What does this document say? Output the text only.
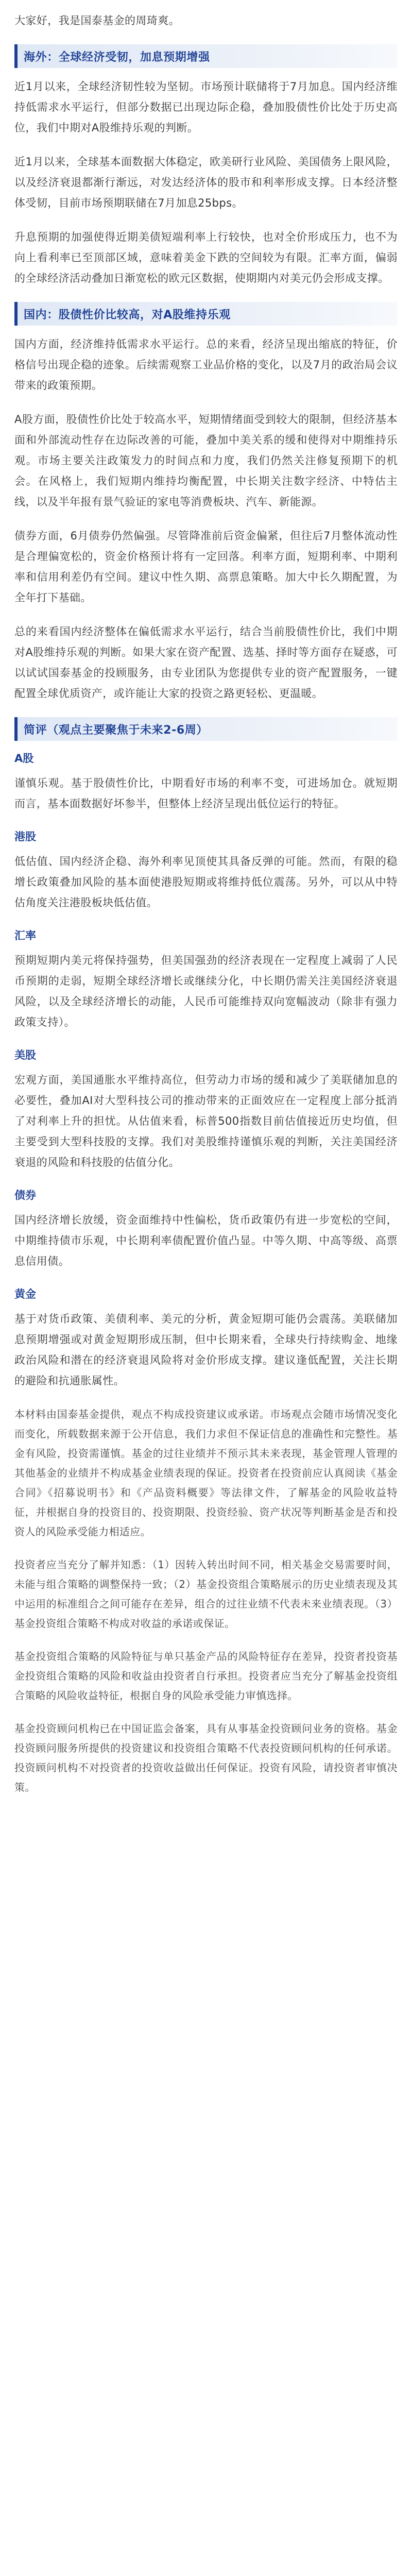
大家好，我是国泰基金的周琦爽。

海外：全球经济受韧，加息预期增强

近1月以来，全球经济韧性较为坚韧。市场预计联储将于7月加息。国内经济维持低需求水平运行，但部分数据已出现边际企稳，叠加股债性价比处于历史高位，我们中期对A股维持乐观的判断。

近1月以来，全球基本面数据大体稳定，欧美研行业风险、美国债务上限风险，以及经济衰退都渐行渐远，对发达经济体的股市和利率形成支撑。日本经济整体受韧，目前市场预期联储在7月加息25bps。

升息预期的加强使得近期美债短端利率上行较快，也对全价形成压力，也不为向上看利率已至顶部区域，意味着美金下跌的空间较为有限。汇率方面，偏弱的全球经济活动叠加日渐宽松的欧元区数据，使期期内对美元仍会形成支撑。

国内：股债性价比较高，对A股维持乐观

国内方面，经济维持低需求水平运行。总的来看，经济呈现出缩底的特征，价格信号出现企稳的迹象。后续需观察工业品价格的变化，以及7月的政治局会议带来的政策预期。

A股方面，股债性价比处于较高水平，短期情绪面受到较大的限制，但经济基本面和外部流动性存在边际改善的可能，叠加中美关系的缓和使得对中期维持乐观。市场主要关注政策发力的时间点和力度，我们仍然关注修复预期下的机会。在风格上，我们短期内维持均衡配置，中长期关注数字经济、中特估主线，以及半年报有景气验证的家电等消费板块、汽车、新能源。

债券方面，6月债券仍然偏强。尽管降准前后资金偏紧，但往后7月整体流动性是合理偏宽松的，资金价格预计将有一定回落。利率方面，短期利率、中期利率和信用利差仍有空间。建议中性久期、高票息策略。加大中长久期配置，为全年打下基础。

总的来看国内经济整体在偏低需求水平运行，结合当前股债性价比，我们中期对A股维持乐观的判断。如果大家在资产配置、选基、择时等方面存在疑惑，可以试试国泰基金的投顾服务，由专业团队为您提供专业的资产配置服务，一键配置全球优质资产，或许能让大家的投资之路更轻松、更温暖。

简评（观点主要聚焦于未来2-6周）
A股

谨慎乐观。基于股债性价比，中期看好市场的利率不变，可进场加仓。就短期而言，基本面数据好坏参半，但整体上经济呈现出低位运行的特征。

港股

低估值、国内经济企稳、海外利率见顶使其具备反弹的可能。然而，有限的稳增长政策叠加风险的基本面使港股短期或将维持低位震荡。另外，可以从中特估角度关注港股板块低估值。

汇率

预期短期内美元将保持强势，但美国强劲的经济表现在一定程度上减弱了人民币预期的走弱，短期全球经济增长或继续分化，中长期仍需关注美国经济衰退风险，以及全球经济增长的动能，人民币可能维持双向宽幅波动（除非有强力政策支持）。

美股

宏观方面，美国通胀水平维持高位，但劳动力市场的缓和减少了美联储加息的必要性，叠加AI对大型科技公司的推动带来的正面效应在一定程度上部分抵消了对利率上升的担忧。从估值来看，标普500指数目前估值接近历史均值，但主要受到大型科技股的支撑。我们对美股维持谨慎乐观的判断，关注美国经济衰退的风险和科技股的估值分化。

债券

国内经济增长放缓，资金面维持中性偏松，货币政策仍有进一步宽松的空间，中期维持债市乐观，中长期利率债配置价值凸显。中等久期、中高等级、高票息信用债。

黄金

基于对货币政策、美债利率、美元的分析，黄金短期可能仍会震荡。美联储加息预期增强或对黄金短期形成压制，但中长期来看，全球央行持续购金、地缘政治风险和潜在的经济衰退风险将对金价形成支撑。建议逢低配置，关注长期的避险和抗通胀属性。

本材料由国泰基金提供，观点不构成投资建议或承诺。市场观点会随市场情况变化而变化，所载数据来源于公开信息，我们力求但不保证信息的准确性和完整性。基金有风险，投资需谨慎。基金的过往业绩并不预示其未来表现，基金管理人管理的其他基金的业绩并不构成基金业绩表现的保证。投资者在投资前应认真阅读《基金合同》《招募说明书》和《产品资料概要》等法律文件，了解基金的风险收益特征，并根据自身的投资目的、投资期限、投资经验、资产状况等判断基金是否和投资人的风险承受能力相适应。

投资者应当充分了解并知悉：（1）因转入转出时间不同，相关基金交易需要时间，未能与组合策略的调整保持一致；（2）基金投资组合策略展示的历史业绩表现及其中运用的标准组合之间可能存在差异，组合的过往业绩不代表未来业绩表现。（3）基金投资组合策略不构成对收益的承诺或保证。

基金投资组合策略的风险特征与单只基金产品的风险特征存在差异，投资者投资基金投资组合策略的风险和收益由投资者自行承担。投资者应当充分了解基金投资组合策略的风险收益特征，根据自身的风险承受能力审慎选择。

基金投资顾问机构已在中国证监会备案，具有从事基金投资顾问业务的资格。基金投资顾问服务所提供的投资建议和投资组合策略不代表投资顾问机构的任何承诺。投资顾问机构不对投资者的投资收益做出任何保证。投资有风险，请投资者审慎决策。
